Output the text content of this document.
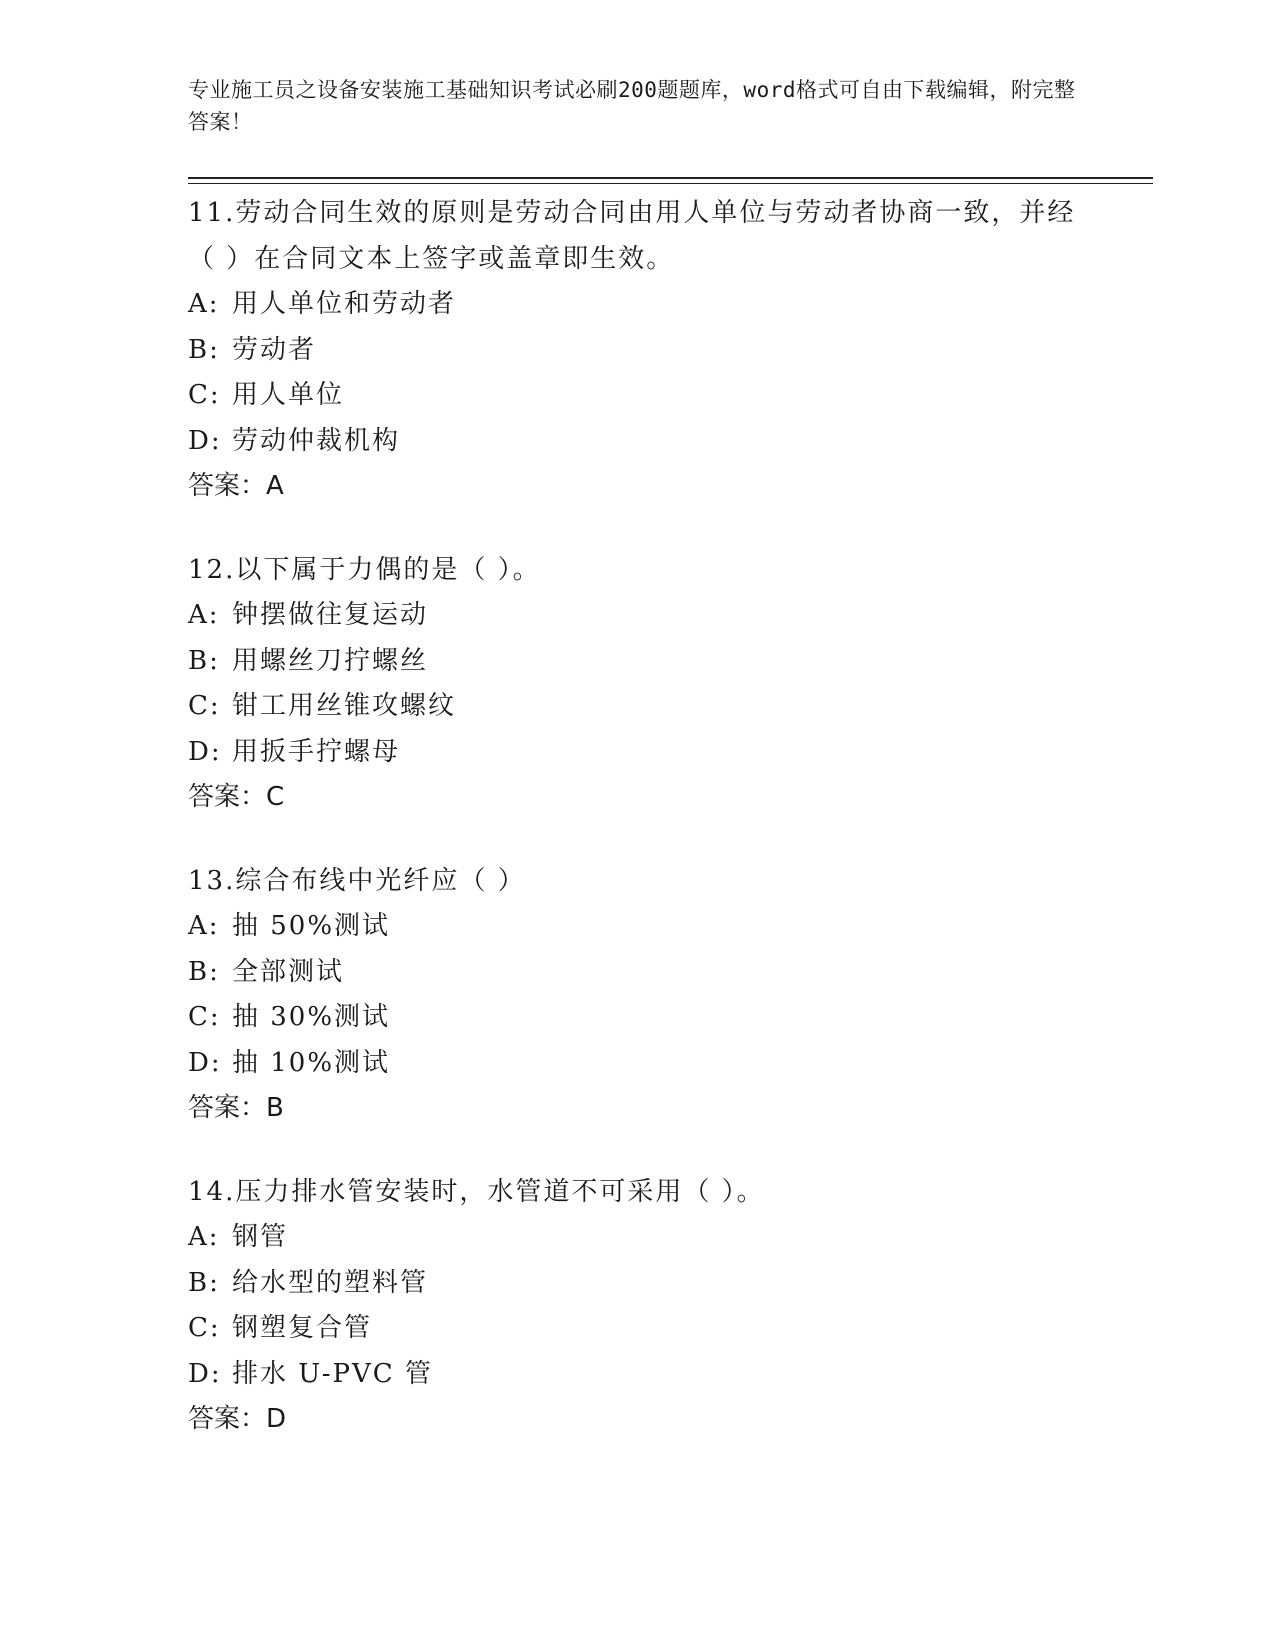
专业施工员之设备安装施工基础知识考试必刷200题题库，word格式可自由下载编辑，附完整答案！

11.劳动合同生效的原则是劳动合同由用人单位与劳动者协商一致，并经（ ）在合同文本上签字或盖章即生效。

A: 用人单位和劳动者

B: 劳动者

C: 用人单位

D: 劳动仲裁机构

答案：A

12.以下属于力偶的是（ ）。

A: 钟摆做往复运动

B: 用螺丝刀拧螺丝

C: 钳工用丝锥攻螺纹

D: 用扳手拧螺母

答案：C

13.综合布线中光纤应（ ）

A: 抽 50%测试

B: 全部测试

C: 抽 30%测试

D: 抽 10%测试

答案：B

14.压力排水管安装时，水管道不可采用（ ）。

A: 钢管

B: 给水型的塑料管

C: 钢塑复合管

D: 排水 U-PVC 管

答案：D
